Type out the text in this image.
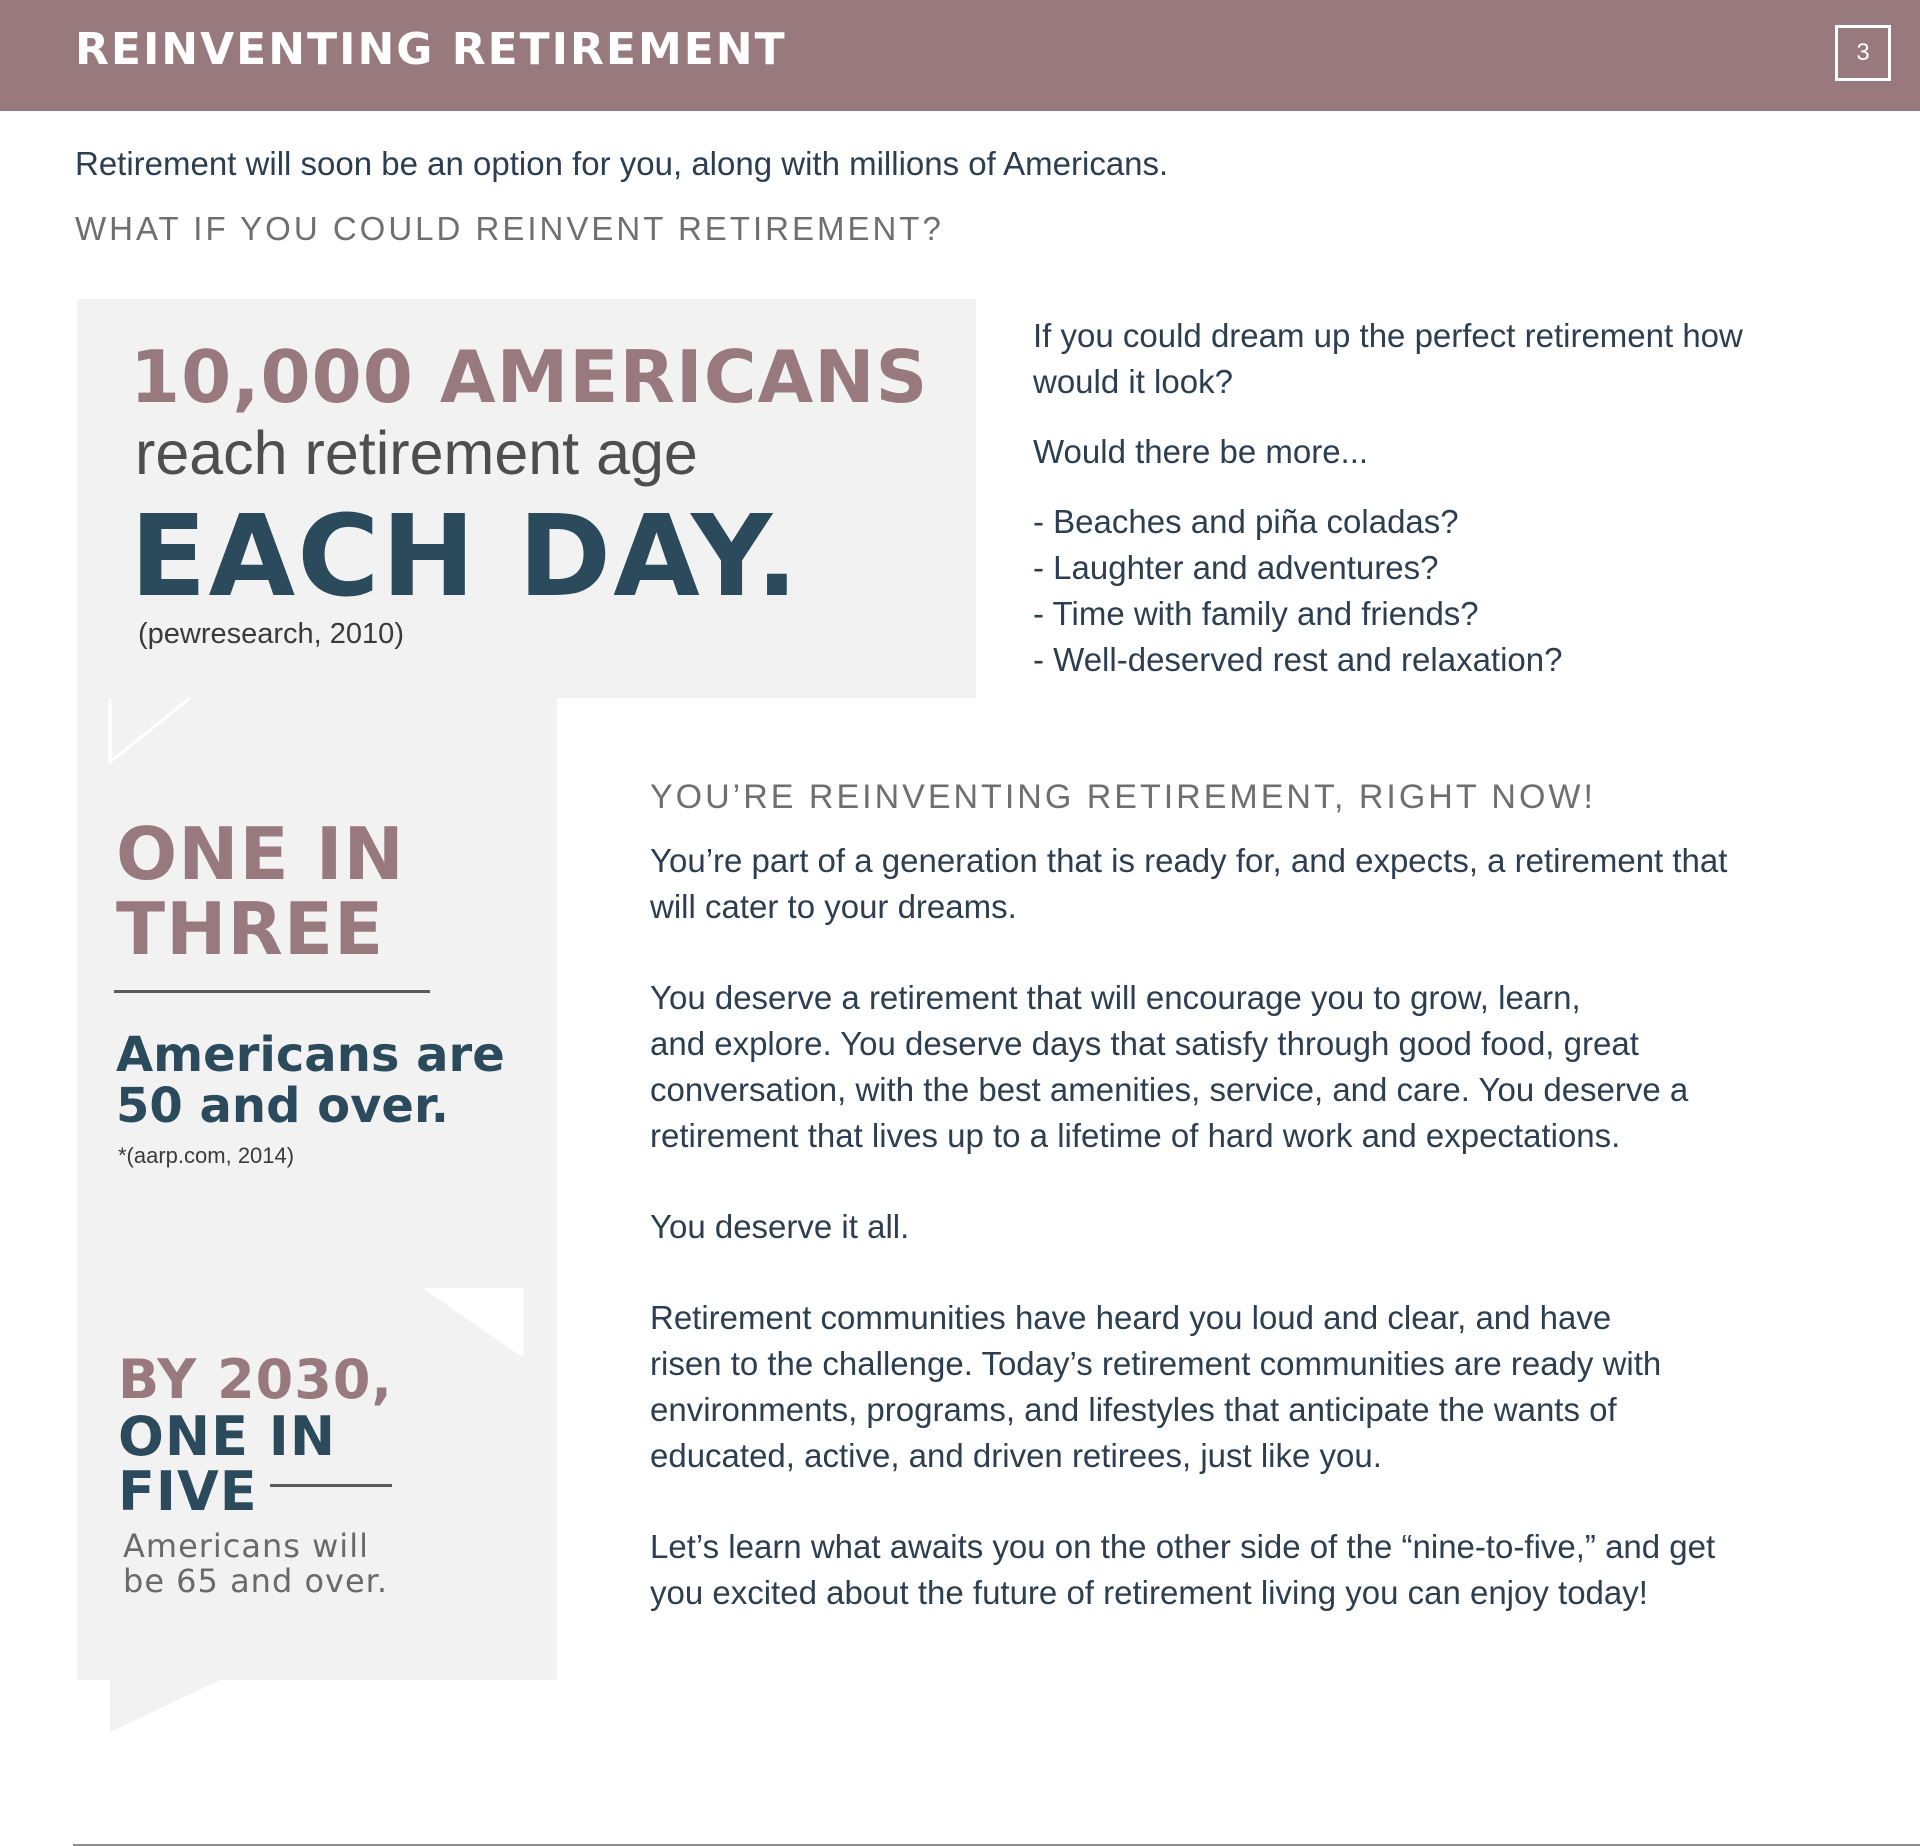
REINVENTING RETIREMENT	3
Retirement will soon be an option for you, along with millions of Americans.
WHAT IF YOU COULD REINVENT RETIREMENT?
10,000 AMERICANS
reach retirement age
EACH DAY.
(pewresearch, 2010)
ONE IN
THREE
Americans are
50 and over.
*(aarp.com, 2014)
BY 2030,
ONE IN
FIVE
Americans will
be 65 and over.

If you could dream up the perfect retirement how would it look?

Would there be more...

- Beaches and piña coladas?
- Laughter and adventures?
- Time with family and friends?
- Well-deserved rest and relaxation?
YOU’RE REINVENTING RETIREMENT, RIGHT NOW!

You’re part of a generation that is ready for, and expects, a retirement that
will cater to your dreams.

You deserve a retirement that will encourage you to grow, learn,
and explore. You deserve days that satisfy through good food, great
conversation, with the best amenities, service, and care. You deserve a
retirement that lives up to a lifetime of hard work and expectations.

You deserve it all.

Retirement communities have heard you loud and clear, and have
risen to the challenge. Today’s retirement communities are ready with
environments, programs, and lifestyles that anticipate the wants of
educated, active, and driven retirees, just like you.

Let’s learn what awaits you on the other side of the “nine-to-five,” and get
you excited about the future of retirement living you can enjoy today!
